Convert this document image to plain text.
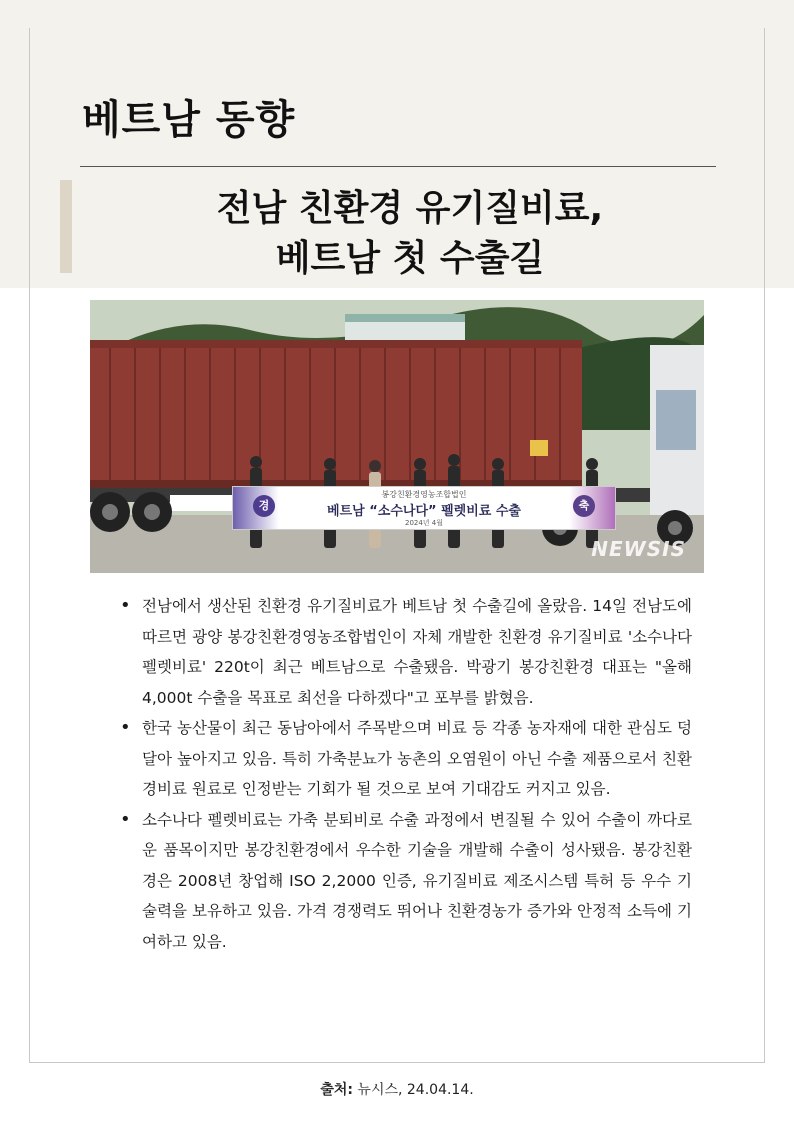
베트남 동향
전남 친환경 유기질비료,
베트남 첫 수출길
경
봉강친환경영농조합법인
베트남 “소수나다” 펠렛비료 수출
2024년 4월
축
NEWSIS
• 전남에서 생산된 친환경 유기질비료가 베트남 첫 수출길에 올랐음. 14일 전남도에 따르면 광양 봉강친환경영농조합법인이 자체 개발한 친환경 유기질비료 '소수나다 펠렛비료' 220t이 최근 베트남으로 수출됐음. 박광기 봉강친환경 대표는 "올해 4,000t 수출을 목표로 최선을 다하겠다"고 포부를 밝혔음.
• 한국 농산물이 최근 동남아에서 주목받으며 비료 등 각종 농자재에 대한 관심도 덩달아 높아지고 있음. 특히 가축분뇨가 농촌의 오염원이 아닌 수출 제품으로서 친환경비료 원료로 인정받는 기회가 될 것으로 보여 기대감도 커지고 있음.
• 소수나다 펠렛비료는 가축 분퇴비로 수출 과정에서 변질될 수 있어 수출이 까다로운 품목이지만 봉강친환경에서 우수한 기술을 개발해 수출이 성사됐음. 봉강친환경은 2008년 창업해 ISO 2,2000 인증, 유기질비료 제조시스템 특허 등 우수 기술력을 보유하고 있음. 가격 경쟁력도 뛰어나 친환경농가 증가와 안정적 소득에 기여하고 있음.
출처: 뉴시스, 24.04.14.
